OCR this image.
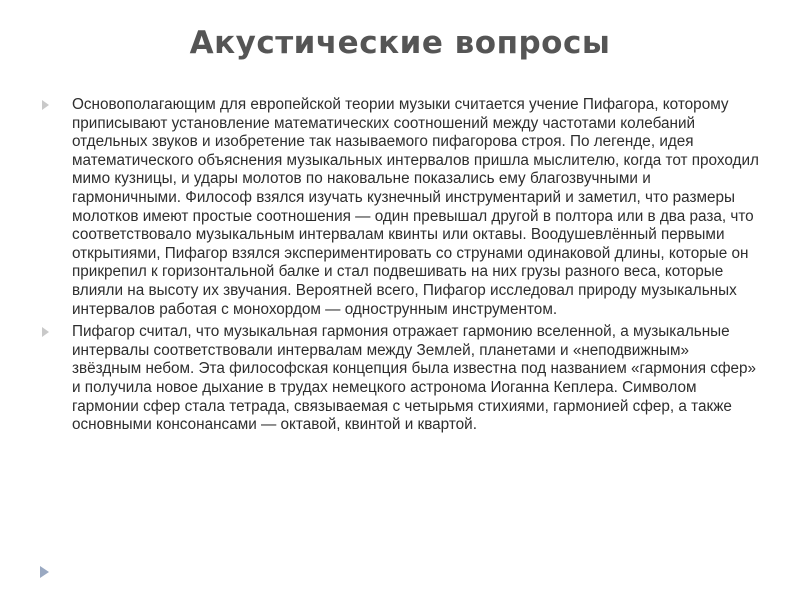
Акустические вопросы
Основополагающим для европейской теории музыки считается учение Пифагора, которому приписывают установление математических соотношений между частотами колебаний отдельных звуков и изобретение так называемого пифагорова строя. По легенде, идея математического объяснения музыкальных интервалов пришла мыслителю, когда тот проходил мимо кузницы, и удары молотов по наковальне показались ему благозвучными и гармоничными. Философ взялся изучать кузнечный инструментарий и заметил, что размеры молотков имеют простые соотношения — один превышал другой в полтора или в два раза, что соответствовало музыкальным интервалам квинты или октавы. Воодушевлённый первыми открытиями, Пифагор взялся экспериментировать со струнами одинаковой длины, которые он прикрепил к горизонтальной балке и стал подвешивать на них грузы разного веса, которые влияли на высоту их звучания. Вероятней всего, Пифагор исследовал природу музыкальных интервалов работая с монохордом — однострунным инструментом.
Пифагор считал, что музыкальная гармония отражает гармонию вселенной, а музыкальные интервалы соответствовали интервалам между Землей, планетами и «неподвижным» звёздным небом. Эта философская концепция была известна под названием «гармония сфер» и получила новое дыхание в трудах немецкого астронома Иоганна Кеплера. Символом гармонии сфер стала тетрада, связываемая с четырьмя стихиями, гармонией сфер, а также основными консонансами — октавой, квинтой и квартой.
